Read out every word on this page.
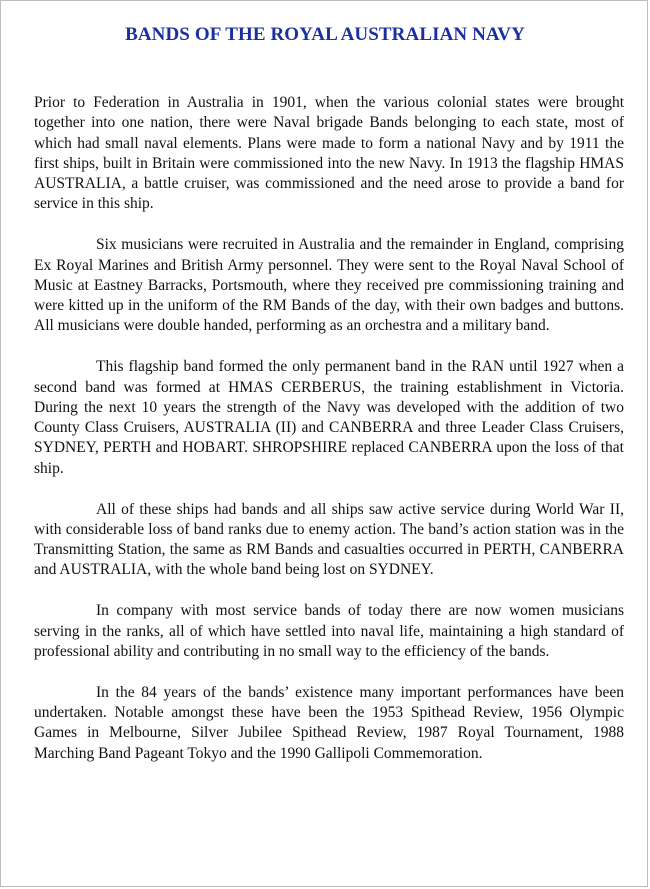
BANDS OF THE ROYAL AUSTRALIAN NAVY

Prior to Federation in Australia in 1901, when the various colonial states were brought together into one nation, there were Naval brigade Bands belonging to each state, most of which had small naval elements. Plans were made to form a national Navy and by 1911 the first ships, built in Britain were commissioned into the new Navy. In 1913 the flagship HMAS AUSTRALIA, a battle cruiser, was commissioned and the need arose to provide a band for service in this ship.

Six musicians were recruited in Australia and the remainder in England, comprising Ex Royal Marines and British Army personnel. They were sent to the Royal Naval School of Music at Eastney Barracks, Portsmouth, where they received pre commissioning training and were kitted up in the uniform of the RM Bands of the day, with their own badges and buttons. All musicians were double handed, performing as an orchestra and a military band.

This flagship band formed the only permanent band in the RAN until 1927 when a second band was formed at HMAS CERBERUS, the training establishment in Victoria. During the next 10 years the strength of the Navy was developed with the addition of two County Class Cruisers, AUSTRALIA (II) and CANBERRA and three Leader Class Cruisers, SYDNEY, PERTH and HOBART. SHROPSHIRE replaced CANBERRA upon the loss of that ship.

All of these ships had bands and all ships saw active service during World War II, with considerable loss of band ranks due to enemy action. The band’s action station was in the Transmitting Station, the same as RM Bands and casualties occurred in PERTH, CANBERRA and AUSTRALIA, with the whole band being lost on SYDNEY.

In company with most service bands of today there are now women musicians serving in the ranks, all of which have settled into naval life, maintaining a high standard of professional ability and contributing in no small way to the efficiency of the bands.

In the 84 years of the bands’ existence many important performances have been undertaken. Notable amongst these have been the 1953 Spithead Review, 1956 Olympic Games in Melbourne, Silver Jubilee Spithead Review, 1987 Royal Tournament, 1988 Marching Band Pageant Tokyo and the 1990 Gallipoli Commemoration.
